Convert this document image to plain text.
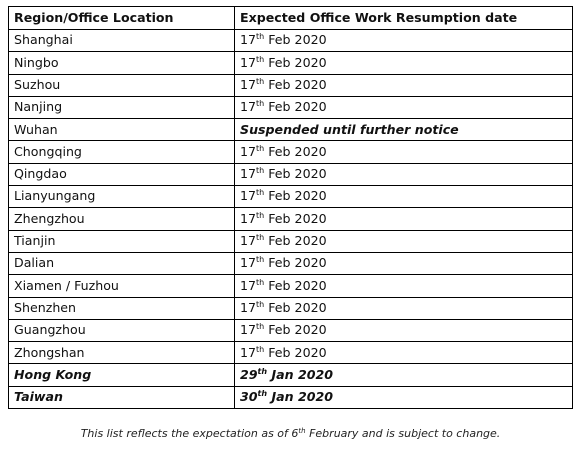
Region/Office Location	Expected Office Work Resumption date
Shanghai	17th Feb 2020
Ningbo	17th Feb 2020
Suzhou	17th Feb 2020
Nanjing	17th Feb 2020
Wuhan	Suspended until further notice
Chongqing	17th Feb 2020
Qingdao	17th Feb 2020
Lianyungang	17th Feb 2020
Zhengzhou	17th Feb 2020
Tianjin	17th Feb 2020
Dalian	17th Feb 2020
Xiamen / Fuzhou	17th Feb 2020
Shenzhen	17th Feb 2020
Guangzhou	17th Feb 2020
Zhongshan	17th Feb 2020
Hong Kong	29th Jan 2020
Taiwan	30th Jan 2020
This list reflects the expectation as of 6th February and is subject to change.
